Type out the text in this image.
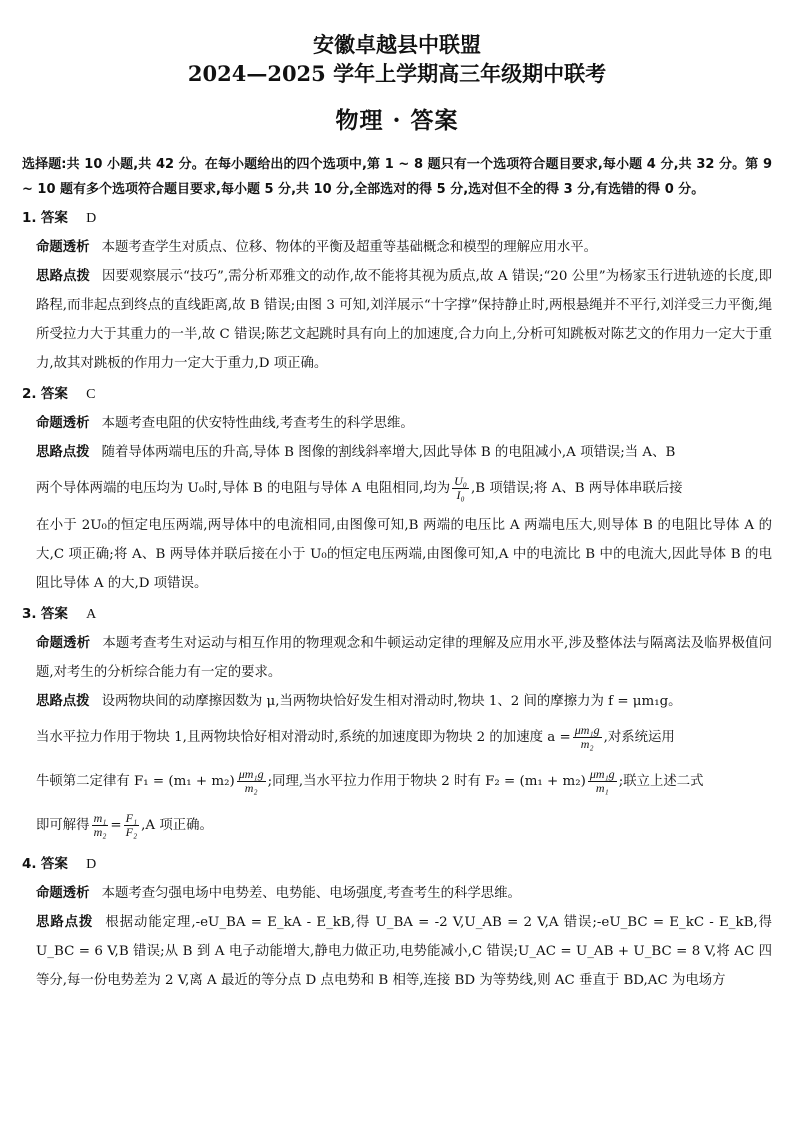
安徽卓越县中联盟
2024—2025 学年上学期高三年级期中联考
物理 · 答案
选择题:共 10 小题,共 42 分。在每小题给出的四个选项中,第 1 ~ 8 题只有一个选项符合题目要求,每小题 4 分,共 32 分。第 9 ~ 10 题有多个选项符合题目要求,每小题 5 分,共 10 分,全部选对的得 5 分,选对但不全的得 3 分,有选错的得 0 分。
1. 答案 D
命题透析 本题考查学生对质点、位移、物体的平衡及超重等基础概念和模型的理解应用水平。
思路点拨 因要观察展示“技巧”,需分析邓雅文的动作,故不能将其视为质点,故 A 错误;“20 公里”为杨家玉行进轨迹的长度,即路程,而非起点到终点的直线距离,故 B 错误;由图 3 可知,刘洋展示“十字撑”保持静止时,两根悬绳并不平行,刘洋受三力平衡,绳所受拉力大于其重力的一半,故 C 错误;陈艺文起跳时具有向上的加速度,合力向上,分析可知跳板对陈艺文的作用力一定大于重力,故其对跳板的作用力一定大于重力,D 项正确。
2. 答案 C
命题透析 本题考查电阻的伏安特性曲线,考查考生的科学思维。
思路点拨 随着导体两端电压的升高,导体 B 图像的割线斜率增大,因此导体 B 的电阻减小,A 项错误;当 A、B
两个导体两端的电压均为 U₀时,导体 B 的电阻与导体 A 电阻相同,均为 $\frac{\text{U₀}}{\text{I₀}} ,B$ 项错误;将 A、B 两导体串联后接
在小于 2U₀的恒定电压两端,两导体中的电流相同,由图像可知,B 两端的电压比 A 两端电压大,则导体 B 的电阻比导体 A 的大,C 项正确;将 A、B 两导体并联后接在小于 U₀的恒定电压两端,由图像可知,A 中的电流比 B 中的电流大,因此导体 B 的电阻比导体 A 的大,D 项错误。
3. 答案 A
命题透析 本题考查考生对运动与相互作用的物理观念和牛顿运动定律的理解及应用水平,涉及整体法与隔离法及临界极值问题,对考生的分析综合能力有一定的要求。
思路点拨 设两物块间的动摩擦因数为 μ,当两物块恰好发生相对滑动时,物块 1、2 间的摩擦力为 f = μm₁g。
当水平拉力作用于物块 1,且两物块恰好相对滑动时,系统的加速度即为物块 2 的加速度 $a = \frac{\text{μm₁g}}{\text{m₂}}$ ,对系统运用
牛顿第二定律有 $F_1 = (m_1 + m_2) \frac{\text{μm₁g}}{\text{m₂}}$ ;同理,当水平拉力作用于物块 2 时有 $F_2 = (m_1 + m_2) \frac{\text{μm₁g}}{\text{m₁}}$ ;联立上述二式
即可解得 $\frac{\text{m₁}}{\text{m₂}} = \frac{\text{F₁}}{\text{F₂}} ,A$ 项正确。
4. 答案 D
命题透析 本题考查匀强电场中电势差、电势能、电场强度,考查考生的科学思维。
思路点拨 根据动能定理,-eU_BA = E_kA - E_kB,得 U_BA = -2 V,U_AB = 2 V,A 错误;-eU_BC = E_kC - E_kB,得 U_BC = 6 V,B 错误;从 B 到 A 电子动能增大,静电力做正功,电势能减小,C 错误;U_AC = U_AB + U_BC = 8 V,将 AC 四等分,每一份电势差为 2 V,离 A 最近的等分点 D 点电势和 B 相等,连接 BD 为等势线,则 AC 垂直于 BD,AC 为电场方
